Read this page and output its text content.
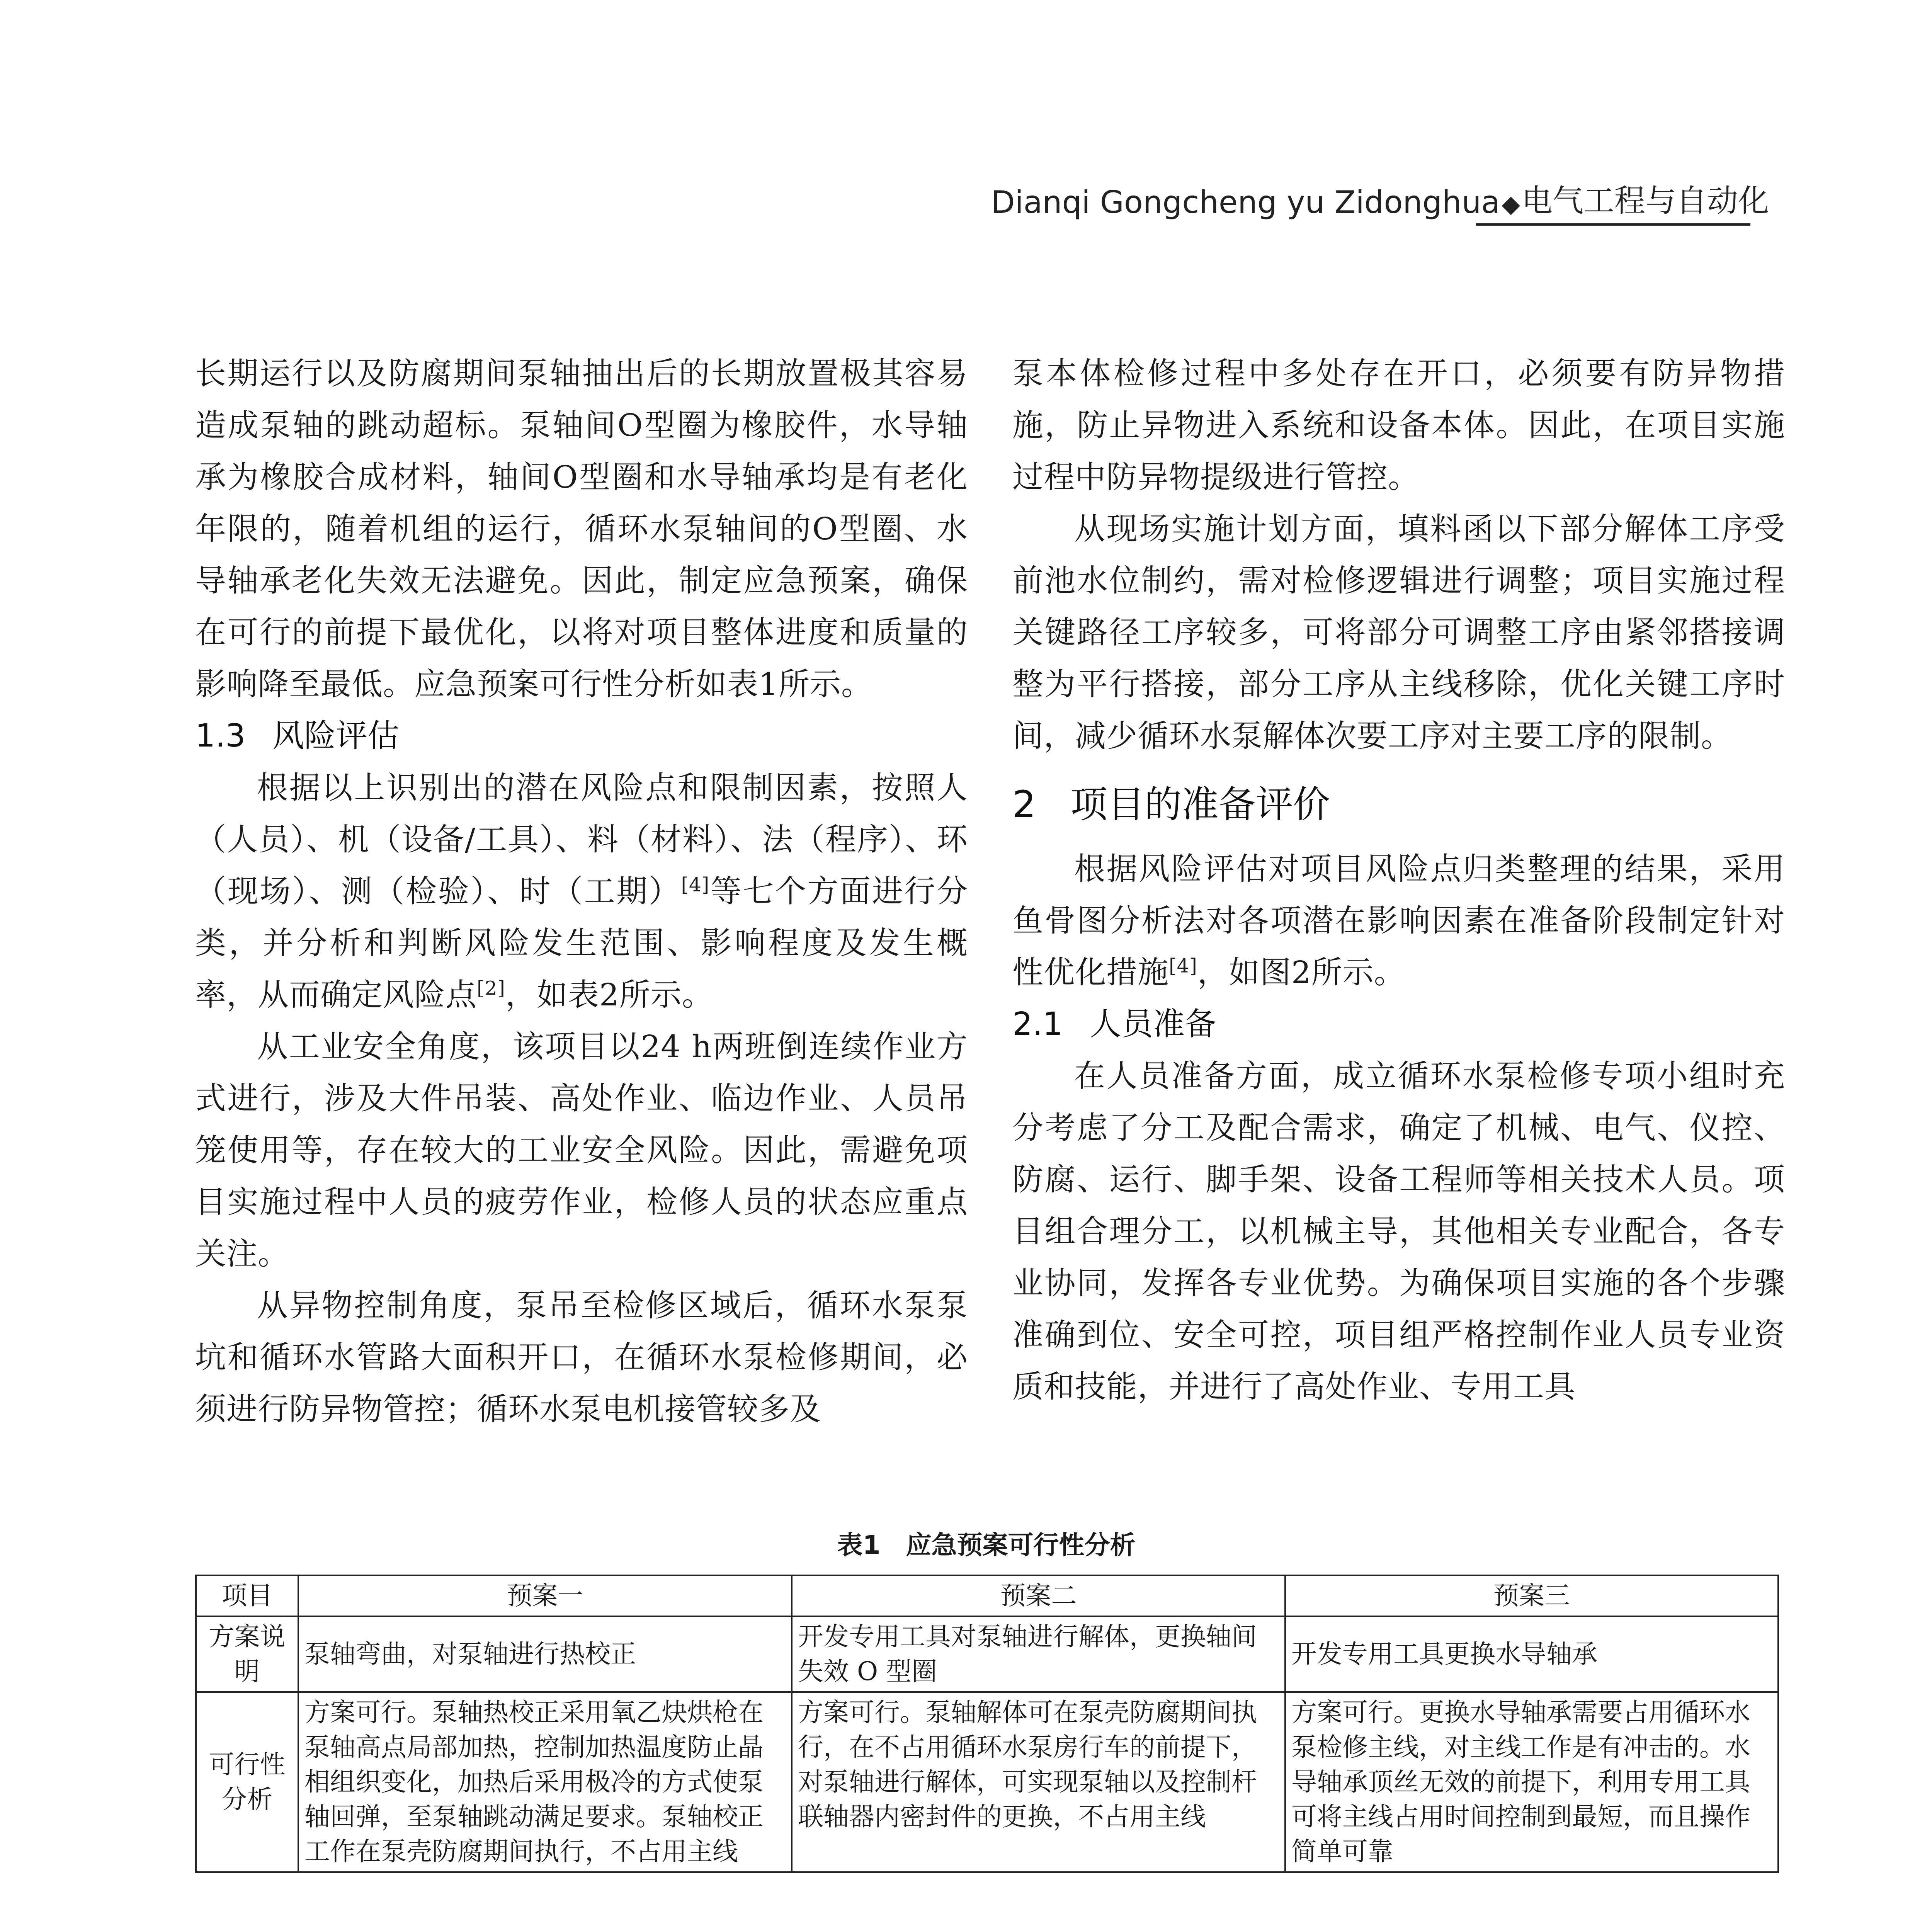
Dianqi Gongcheng yu Zidonghua ◆ 电气工程与自动化

长期运行以及防腐期间泵轴抽出后的长期放置极其容易造成泵轴的跳动超标。泵轴间O型圈为橡胶件，水导轴承为橡胶合成材料，轴间O型圈和水导轴承均是有老化年限的，随着机组的运行，循环水泵轴间的O型圈、水导轴承老化失效无法避免。因此，制定应急预案，确保在可行的前提下最优化，以将对项目整体进度和质量的影响降至最低。应急预案可行性分析如表1所示。

1.3 风险评估

根据以上识别出的潜在风险点和限制因素，按照人（人员）、机（设备/工具）、料（材料）、法（程序）、环（现场）、测（检验）、时（工期）[4]等七个方面进行分类，并分析和判断风险发生范围、影响程度及发生概率，从而确定风险点[2]，如表2所示。

从工业安全角度，该项目以24 h两班倒连续作业方式进行，涉及大件吊装、高处作业、临边作业、人员吊笼使用等，存在较大的工业安全风险。因此，需避免项目实施过程中人员的疲劳作业，检修人员的状态应重点关注。

从异物控制角度，泵吊至检修区域后，循环水泵泵坑和循环水管路大面积开口，在循环水泵检修期间，必须进行防异物管控；循环水泵电机接管较多及

泵本体检修过程中多处存在开口，必须要有防异物措施，防止异物进入系统和设备本体。因此，在项目实施过程中防异物提级进行管控。

从现场实施计划方面，填料函以下部分解体工序受前池水位制约，需对检修逻辑进行调整；项目实施过程关键路径工序较多，可将部分可调整工序由紧邻搭接调整为平行搭接，部分工序从主线移除，优化关键工序时间，减少循环水泵解体次要工序对主要工序的限制。

2 项目的准备评价

根据风险评估对项目风险点归类整理的结果，采用鱼骨图分析法对各项潜在影响因素在准备阶段制定针对性优化措施[4]，如图2所示。

2.1 人员准备

在人员准备方面，成立循环水泵检修专项小组时充分考虑了分工及配合需求，确定了机械、电气、仪控、防腐、运行、脚手架、设备工程师等相关技术人员。项目组合理分工，以机械主导，其他相关专业配合，各专业协同，发挥各专业优势。为确保项目实施的各个步骤准确到位、安全可控，项目组严格控制作业人员专业资质和技能，并进行了高处作业、专用工具

表1　应急预案可行性分析
项目	预案一	预案二	预案三
方案说明	泵轴弯曲，对泵轴进行热校正	开发专用工具对泵轴进行解体，更换轴间失效 O 型圈	开发专用工具更换水导轴承
可行性分析	方案可行。泵轴热校正采用氧乙炔烘枪在泵轴高点局部加热，控制加热温度防止晶相组织变化，加热后采用极冷的方式使泵轴回弹，至泵轴跳动满足要求。泵轴校正工作在泵壳防腐期间执行，不占用主线	方案可行。泵轴解体可在泵壳防腐期间执行，在不占用循环水泵房行车的前提下，对泵轴进行解体，可实现泵轴以及控制杆联轴器内密封件的更换，不占用主线	方案可行。更换水导轴承需要占用循环水泵检修主线，对主线工作是有冲击的。水导轴承顶丝无效的前提下，利用专用工具可将主线占用时间控制到最短，而且操作简单可靠
